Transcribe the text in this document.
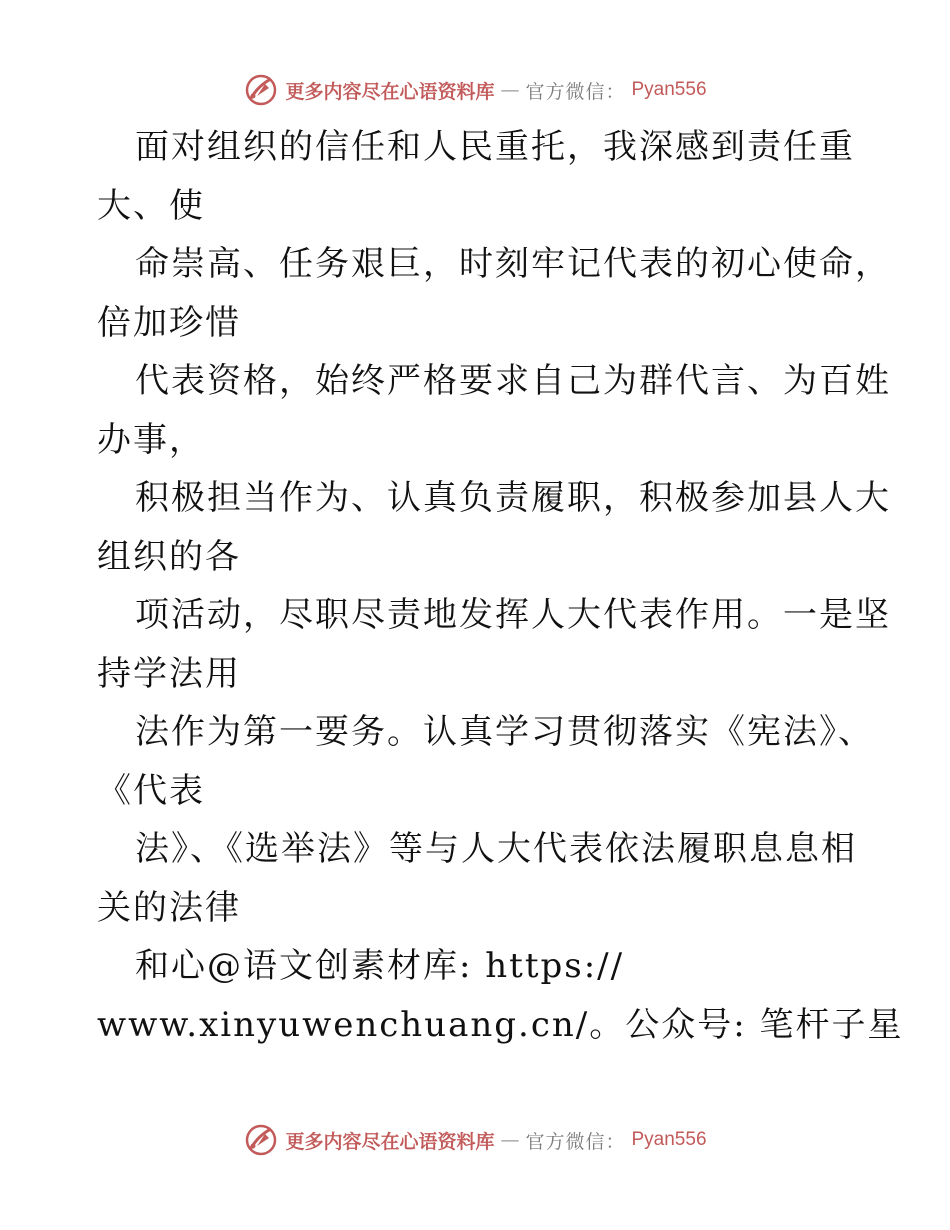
更多内容尽在心语资料库 — 官方微信： Pyan556
面对组织的信任和人民重托，我深感到责任重
大、使
命崇高、任务艰巨，时刻牢记代表的初心使命，
倍加珍惜
代表资格，始终严格要求自己为群代言、为百姓
办事，
积极担当作为、认真负责履职，积极参加县人大
组织的各
项活动，尽职尽责地发挥人大代表作用。一是坚
持学法用
法作为第一要务。认真学习贯彻落实《宪法》、
《代表
法》、《选举法》等与人大代表依法履职息息相
关的法律
和心@语文创素材库: https://
www.xinyuwenchuang.cn/。公众号: 笔杆子星
更多内容尽在心语资料库 — 官方微信： Pyan556
